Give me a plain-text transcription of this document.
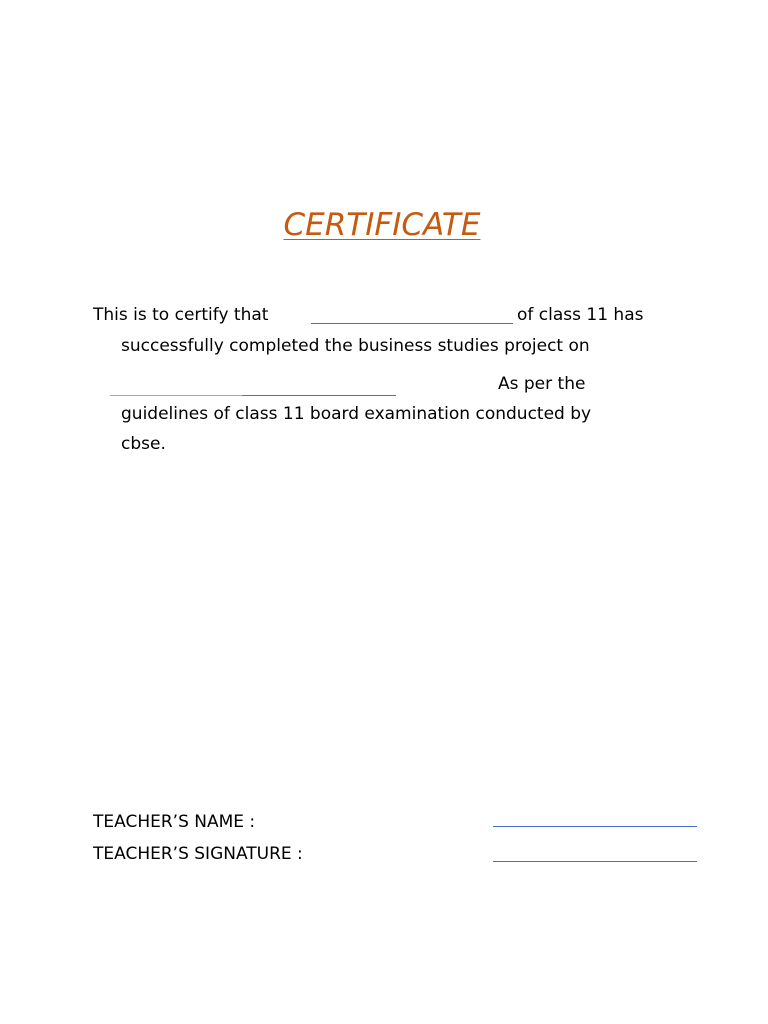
CERTIFICATE
This is to certify that	of class 11 has
successfully completed the business studies project on
As per the
guidelines of class 11 board examination conducted by
cbse.
TEACHER’S NAME :
TEACHER’S SIGNATURE :
